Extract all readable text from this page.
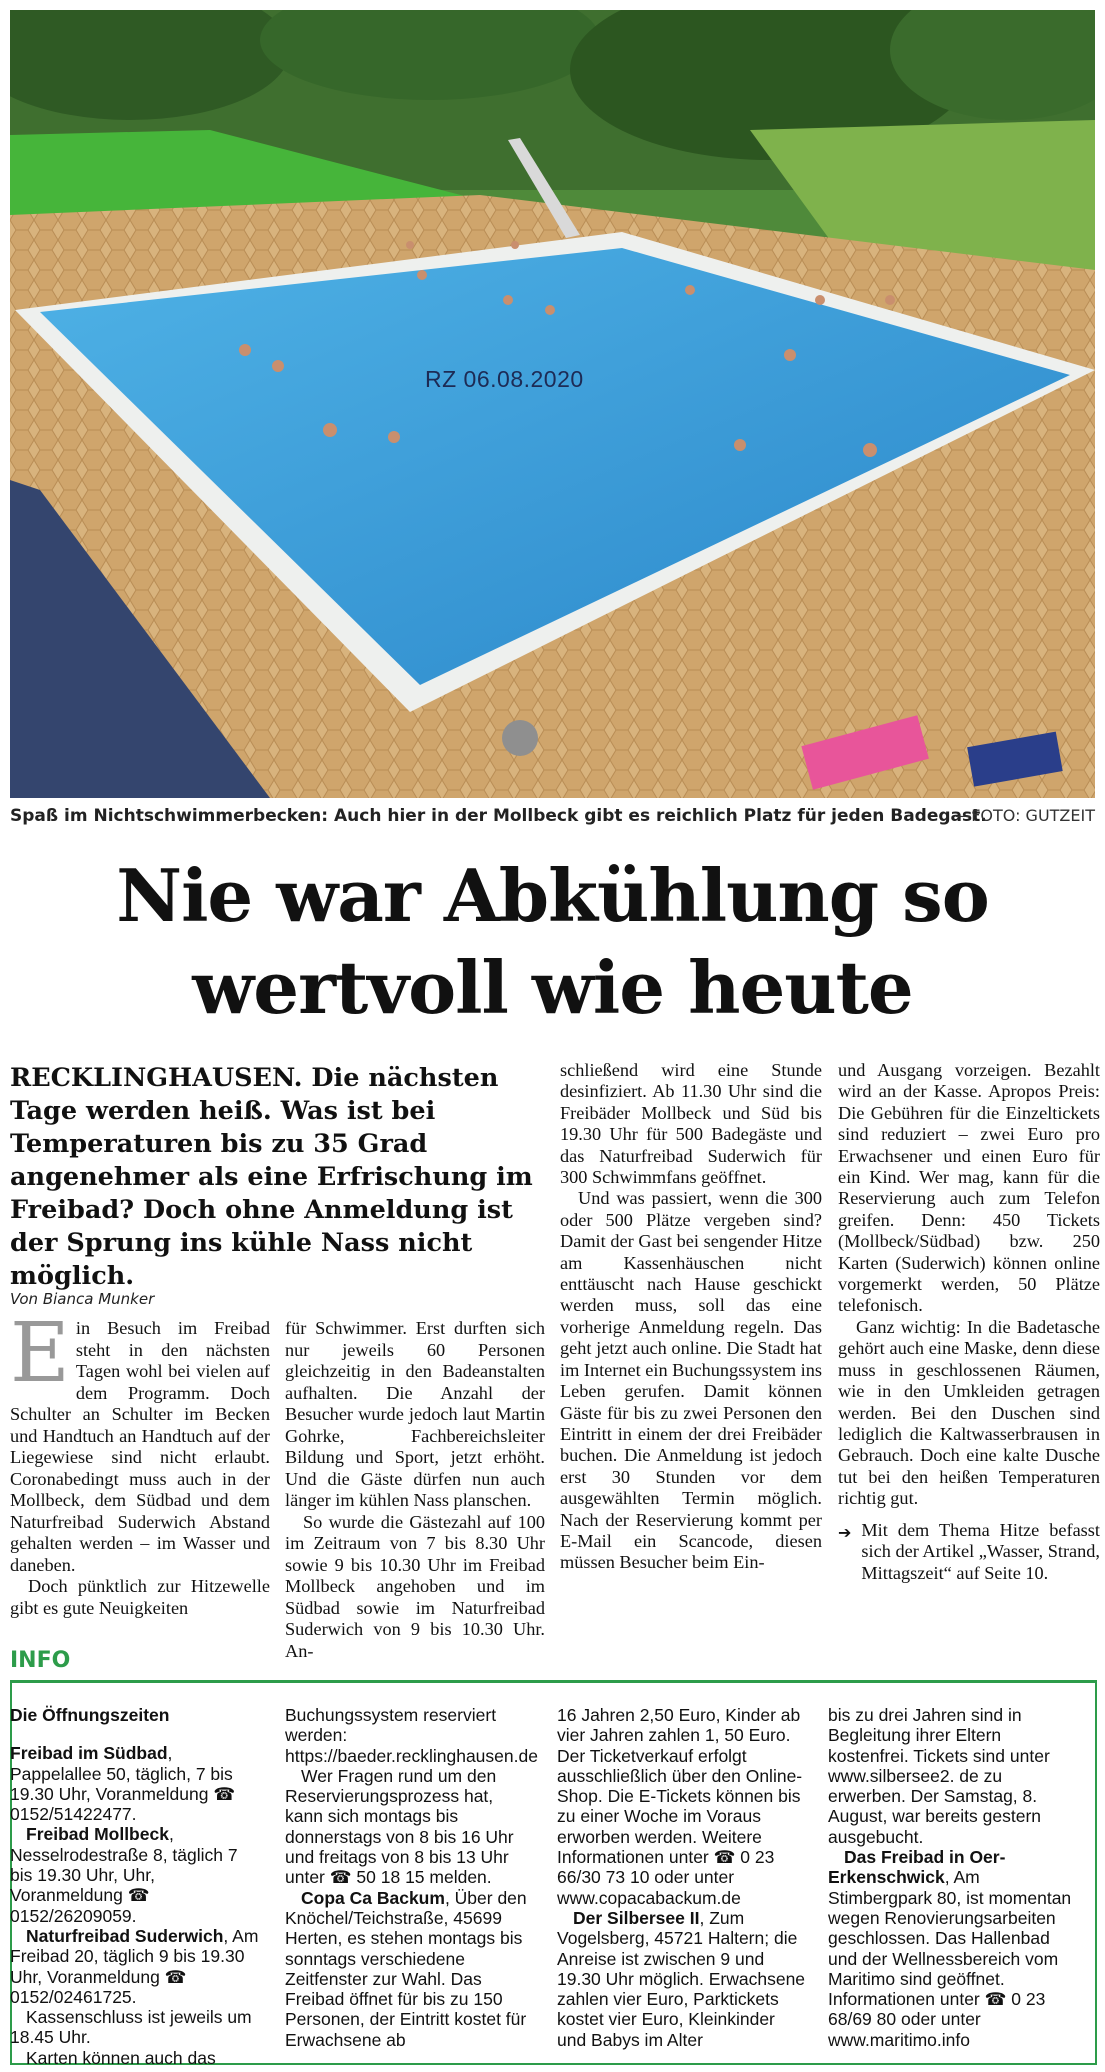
RZ 06.08.2020
Spaß im Nichtschwimmerbecken: Auch hier in der Mollbeck gibt es reichlich Platz für jeden Badegast.
—FOTO: GUTZEIT
Nie war Abkühlung so
wertvoll wie heute
RECKLINGHAUSEN. Die nächsten Tage werden heiß. Was ist bei Temperaturen bis zu 35 Grad angenehmer als eine Erfrischung im Freibad? Doch ohne Anmeldung ist der Sprung ins kühle Nass nicht möglich.
Von Bianca Munker

Ein Besuch im Freibad steht in den nächsten Tagen wohl bei vielen auf dem Programm. Doch Schulter an Schulter im Becken und Handtuch an Handtuch auf der Liegewiese sind nicht erlaubt. Coronabedingt muss auch in der Mollbeck, dem Südbad und dem Naturfreibad Suderwich Abstand gehalten werden – im Wasser und daneben.

Doch pünktlich zur Hitzewelle gibt es gute Neuigkeiten

für Schwimmer. Erst durften sich nur jeweils 60 Personen gleichzeitig in den Badeanstalten aufhalten. Die Anzahl der Besucher wurde jedoch laut Martin Gohrke, Fachbereichsleiter Bildung und Sport, jetzt erhöht. Und die Gäste dürfen nun auch länger im kühlen Nass planschen.

So wurde die Gästezahl auf 100 im Zeitraum von 7 bis 8.30 Uhr sowie 9 bis 10.30 Uhr im Freibad Mollbeck angehoben und im Südbad sowie im Naturfreibad Suderwich von 9 bis 10.30 Uhr. An-

schließend wird eine Stunde desinfiziert. Ab 11.30 Uhr sind die Freibäder Mollbeck und Süd bis 19.30 Uhr für 500 Badegäste und das Naturfreibad Suderwich für 300 Schwimmfans geöffnet.

Und was passiert, wenn die 300 oder 500 Plätze vergeben sind? Damit der Gast bei sengender Hitze am Kassenhäuschen nicht enttäuscht nach Hause geschickt werden muss, soll das eine vorherige Anmeldung regeln. Das geht jetzt auch online. Die Stadt hat im Internet ein Buchungssystem ins Leben gerufen. Damit können Gäste für bis zu zwei Personen den Eintritt in einem der drei Freibäder buchen. Die Anmeldung ist jedoch erst 30 Stunden vor dem ausgewählten Termin möglich. Nach der Reservierung kommt per E-Mail ein Scancode, diesen müssen Besucher beim Ein-

und Ausgang vorzeigen. Bezahlt wird an der Kasse. Apropos Preis: Die Gebühren für die Einzeltickets sind reduziert – zwei Euro pro Erwachsener und einen Euro für ein Kind. Wer mag, kann für die Reservierung auch zum Telefon greifen. Denn: 450 Tickets (Mollbeck/Südbad) bzw. 250 Karten (Suderwich) können online vorgemerkt werden, 50 Plätze telefonisch.

Ganz wichtig: In die Badetasche gehört auch eine Maske, denn diese muss in geschlossenen Räumen, wie in den Umkleiden getragen werden. Bei den Duschen sind lediglich die Kaltwasserbrausen in Gebrauch. Doch eine kalte Dusche tut bei den heißen Temperaturen richtig gut.

➔ Mit dem Thema Hitze befasst sich der Artikel „Wasser, Strand, Mittagszeit“ auf Seite 10.
INFO

Die Öffnungszeiten

Freibad im Südbad, Pappelallee 50, täglich, 7 bis 19.30 Uhr, Voranmeldung ☎ 0152/51422477.

Freibad Mollbeck, Nesselrodestraße 8, täglich 7 bis 19.30 Uhr, Uhr, Voranmeldung ☎ 0152/26209059.

Naturfreibad Suderwich, Am Freibad 20, täglich 9 bis 19.30 Uhr, Voranmeldung ☎ 0152/02461725.

Kassenschluss ist jeweils um 18.45 Uhr.

Karten können auch das

Buchungssystem reserviert werden: https://baeder.recklinghausen.de

Wer Fragen rund um den Reservierungsprozess hat, kann sich montags bis donnerstags von 8 bis 16 Uhr und freitags von 8 bis 13 Uhr unter ☎ 50 18 15 melden.

Copa Ca Backum, Über den Knöchel/Teichstraße, 45699 Herten, es stehen montags bis sonntags verschiedene Zeitfenster zur Wahl. Das Freibad öffnet für bis zu 150 Personen, der Eintritt kostet für Erwachsene ab

16 Jahren 2,50 Euro, Kinder ab vier Jahren zahlen 1, 50 Euro. Der Ticketverkauf erfolgt ausschließlich über den Online-Shop. Die E-Tickets können bis zu einer Woche im Voraus erworben werden. Weitere Informationen unter ☎ 0 23 66/30 73 10 oder unter www.copacabackum.de

Der Silbersee II, Zum Vogelsberg, 45721 Haltern; die Anreise ist zwischen 9 und 19.30 Uhr möglich. Erwachsene zahlen vier Euro, Parktickets kostet vier Euro, Kleinkinder und Babys im Alter

bis zu drei Jahren sind in Begleitung ihrer Eltern kostenfrei. Tickets sind unter www.silbersee2. de zu erwerben. Der Samstag, 8. August, war bereits gestern ausgebucht.

Das Freibad in Oer-Erkenschwick, Am Stimbergpark 80, ist momentan wegen Renovierungsarbeiten geschlossen. Das Hallenbad und der Wellnessbereich vom Maritimo sind geöffnet. Informationen unter ☎ 0 23 68/69 80 oder unter www.maritimo.info
